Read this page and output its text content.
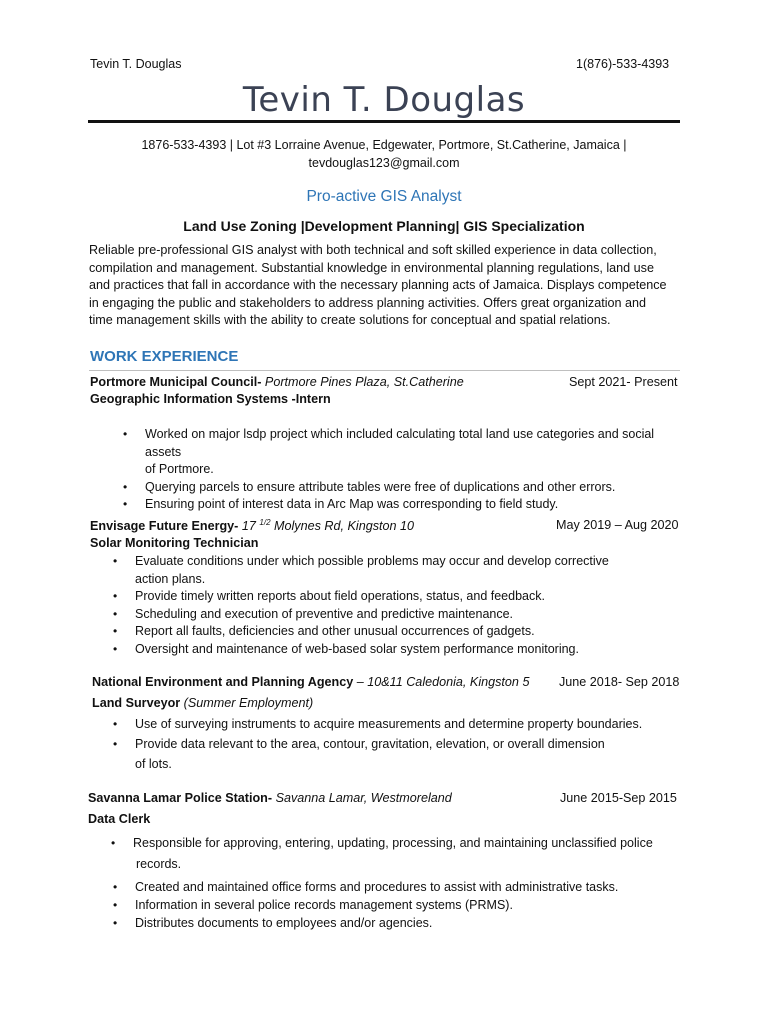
Tevin T. Douglas	1(876)-533-4393
Tevin T. Douglas
1876-533-4393 | Lot #3 Lorraine Avenue, Edgewater, Portmore, St.Catherine, Jamaica |
tevdouglas123@gmail.com
Pro-active GIS Analyst
Land Use Zoning |Development Planning| GIS Specialization
Reliable pre-professional GIS analyst with both technical and soft skilled experience in data collection,
compilation and management. Substantial knowledge in environmental planning regulations, land use
and practices that fall in accordance with the necessary planning acts of Jamaica. Displays competence
in engaging the public and stakeholders to address planning activities. Offers great organization and
time management skills with the ability to create solutions for conceptual and spatial relations.
WORK EXPERIENCE
Portmore Municipal Council- Portmore Pines Plaza, St.Catherine	Sept 2021- Present
Geographic Information Systems -Intern
• Worked on major lsdp project which included calculating total land use categories and social assets
of Portmore.
• Querying parcels to ensure attribute tables were free of duplications and other errors.
• Ensuring point of interest data in Arc Map was corresponding to field study.
Envisage Future Energy- 17 $^{1/2}$ Molynes Rd, Kingston 10	May 2019 – Aug 2020
Solar Monitoring Technician
• Evaluate conditions under which possible problems may occur and develop corrective
action plans.
• Provide timely written reports about field operations, status, and feedback.
• Scheduling and execution of preventive and predictive maintenance.
• Report all faults, deficiencies and other unusual occurrences of gadgets.
• Oversight and maintenance of web-based solar system performance monitoring.
National Environment and Planning Agency – 10&11 Caledonia, Kingston 5 June 2018- Sep 2018
Land Surveyor (Summer Employment)
• Use of surveying instruments to acquire measurements and determine property boundaries.
• Provide data relevant to the area, contour, gravitation, elevation, or overall dimension
of lots.
Savanna Lamar Police Station- Savanna Lamar, Westmoreland	June 2015-Sep 2015
Data Clerk
• Responsible for approving, entering, updating, processing, and maintaining unclassified police
records.
• Created and maintained office forms and procedures to assist with administrative tasks.
• Information in several police records management systems (PRMS).
• Distributes documents to employees and/or agencies.
